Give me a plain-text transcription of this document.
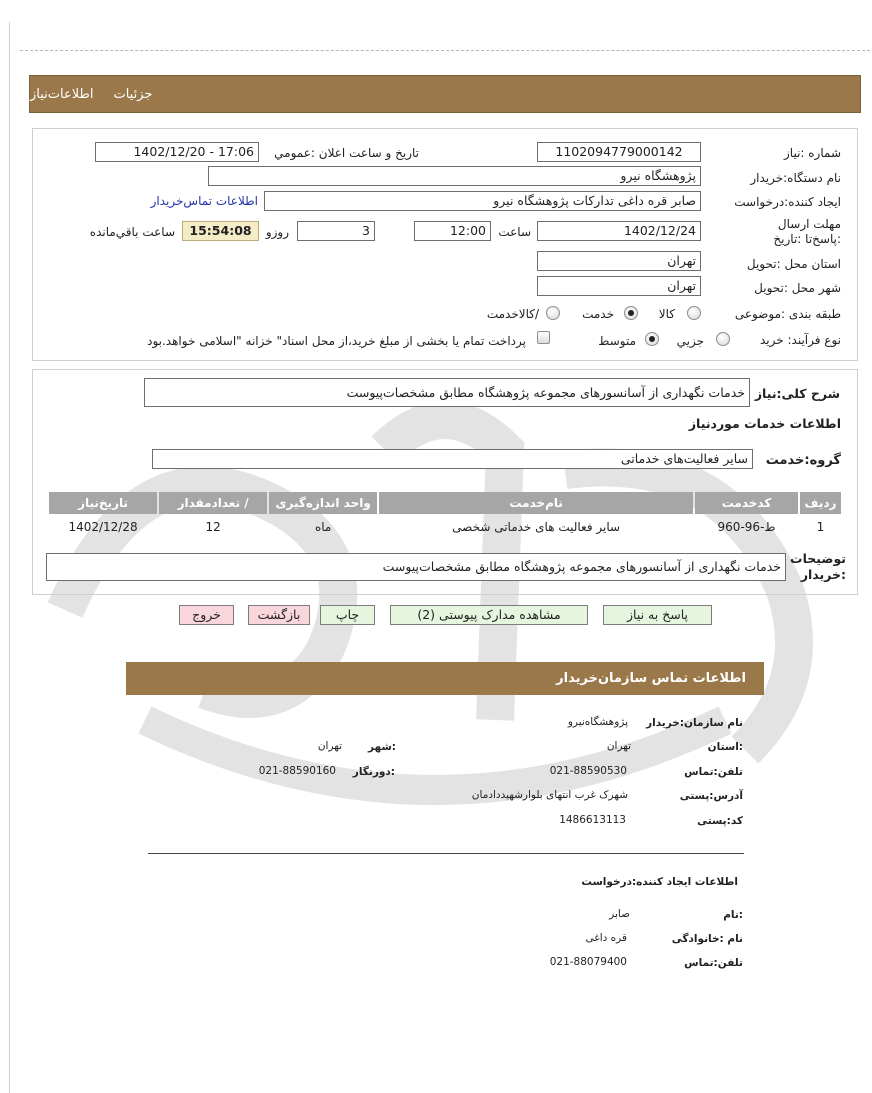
جزئیات
اطلاعات‌نیاز
شماره :نیاز
1102094779000142
تاریخ و ساعت اعلان :عمومي
1402/12/20 - 17:06
نام دستگاه:خریدار
پژوهشگاه نیرو
ایجاد کننده:درخواست
صابر قره داغی تدارکات پژوهشگاه نیرو
اطلاعات تماس‌خریدار
مهلت ارسال :پاسخ‌تا :تاریخ
1402/12/24
ساعت
12:00
3
روزو
15:54:08
ساعت باقي‌مانده
استان محل :تحویل
تهران
شهر محل :تحویل
تهران
طبقه بندی :موضوعی
کالا
خدمت
/کالاخدمت
نوع فرآیند: خرید
جزیي
متوسط
پرداخت تمام یا بخشی از مبلغ خرید،از محل اسناد" خزانه "اسلامی خواهد.بود
شرح کلی:نیاز
خدمات نگهداری از آسانسورهای مجموعه پژوهشگاه مطابق مشخصات‌پیوست
اطلاعات خدمات موردنیاز
گروه:خدمت
سایر فعالیت‌های خدماتی
ردیف	کدخدمت	نام‌خدمت	واحد اندازه‌گیری	/ تعدادمقدار	تاریخ‌نیاز
1	ط-96-960	سایر فعالیت های خدماتی شخصی	ماه	12	1402/12/28
توضیحات :خریدار
خدمات نگهداری از آسانسورهای مجموعه پژوهشگاه مطابق مشخصات‌پیوست
پاسخ به نیاز
مشاهده مدارک پیوستی (2)
چاپ
بازگشت
خروج
اطلاعات تماس سازمان‌خریدار
نام سازمان:خریدار
پژوهشگاه‌نیرو
:استان
تهران
:شهر
تهران
تلفن:تماس
021-88590530
:دورنگار
021-88590160
آدرس:پستی
شهرک غرب انتهای بلوارشهیددادمان
کد:پستی
1486613113
اطلاعات ایجاد کننده:درخواست
:نام
صابر
نام :خانوادگی
قره داغی
تلفن:تماس
021-88079400
